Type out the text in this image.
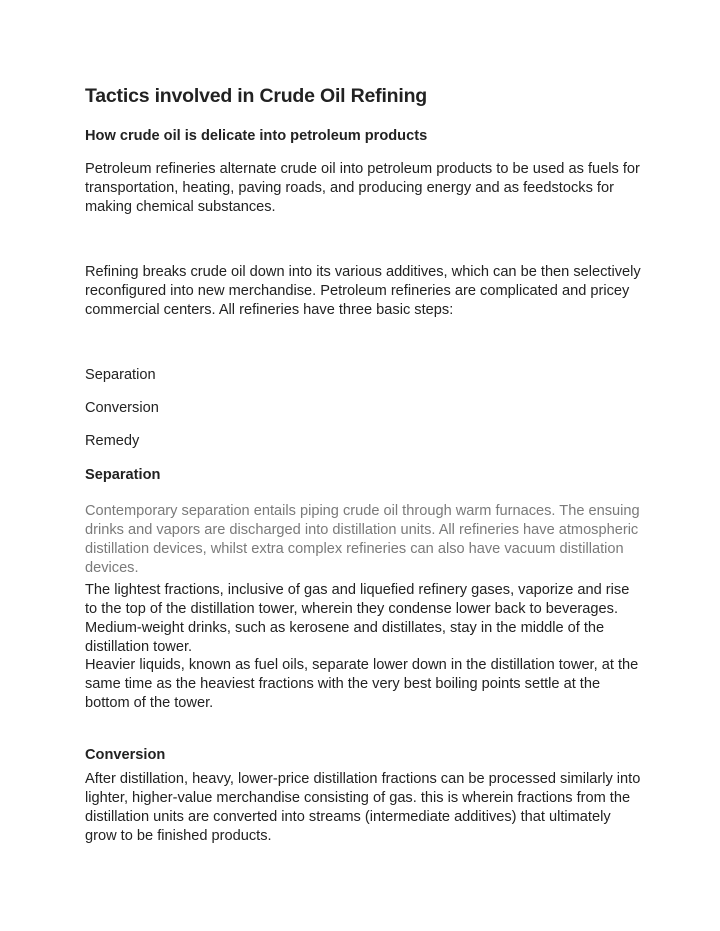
Tactics involved in Crude Oil Refining
How crude oil is delicate into petroleum products

Petroleum refineries alternate crude oil into petroleum products to be used as fuels for transportation, heating, paving roads, and producing energy and as feedstocks for making chemical substances.

Refining breaks crude oil down into its various additives, which can be then selectively reconfigured into new merchandise. Petroleum refineries are complicated and pricey commercial centers. All refineries have three basic steps:

Separation
Conversion
Remedy
Separation

Contemporary separation entails piping crude oil through warm furnaces. The ensuing drinks and vapors are discharged into distillation units. All refineries have atmospheric distillation devices, whilst extra complex refineries can also have vacuum distillation devices.

The lightest fractions, inclusive of gas and liquefied refinery gases, vaporize and rise to the top of the distillation tower, wherein they condense lower back to beverages.

Medium-weight drinks, such as kerosene and distillates, stay in the middle of the distillation tower.

Heavier liquids, known as fuel oils, separate lower down in the distillation tower, at the same time as the heaviest fractions with the very best boiling points settle at the bottom of the tower.

Conversion

After distillation, heavy, lower-price distillation fractions can be processed similarly into lighter, higher-value merchandise consisting of gas. this is wherein fractions from the distillation units are converted into streams (intermediate additives) that ultimately grow to be finished products.
